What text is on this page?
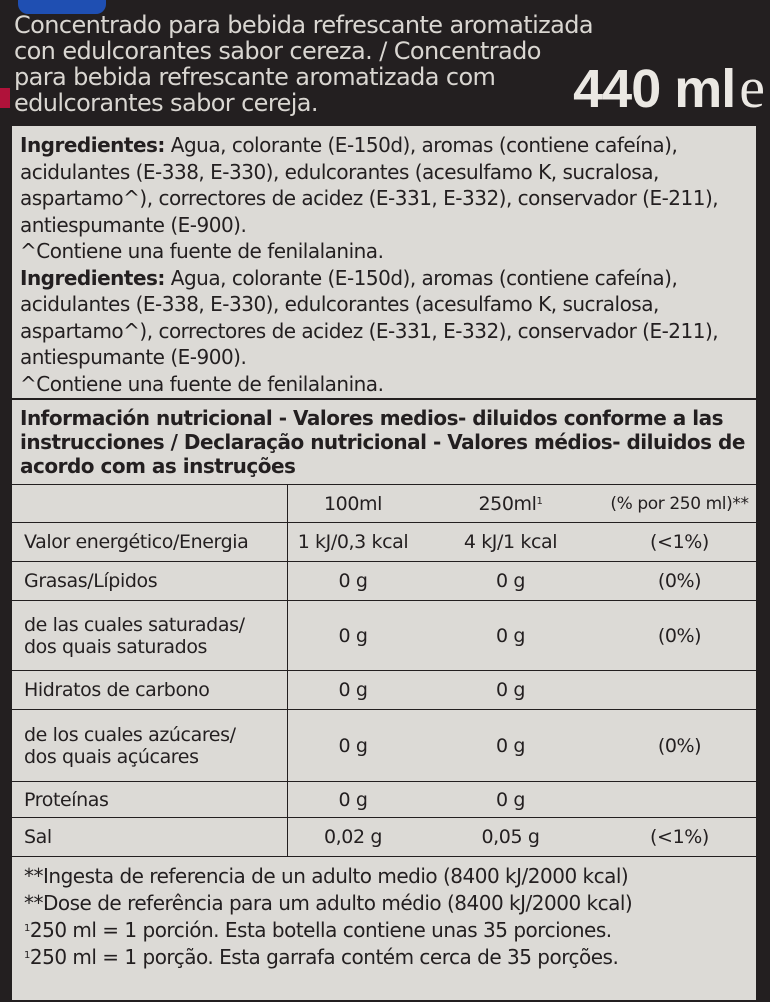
Concentrado para bebida refrescante aromatizada con edulcorantes sabor cereza. / Concentrado para bebida refrescante aromatizada com edulcorantes sabor cereja.	440 mle

Ingredientes: Agua, colorante (E-150d), aromas (contiene cafeína), acidulantes (E-338, E-330), edulcorantes (acesulfamo K, sucralosa, aspartamo^), correctores de acidez (E-331, E-332), conservador (E-211), antiespumante (E-900).

^Contiene una fuente de fenilalanina.

Ingredientes: Agua, colorante (E-150d), aromas (contiene cafeína), acidulantes (E-338, E-330), edulcorantes (acesulfamo K, sucralosa, aspartamo^), correctores de acidez (E-331, E-332), conservador (E-211), antiespumante (E-900).

^Contiene una fuente de fenilalanina.

Información nutricional - Valores medios- diluidos conforme a las instrucciones / Declaração nutricional - Valores médios- diluidos de acordo com as instruções
	100ml	$250ml^1$	(% por 250 ml)**
Valor energético/Energia	1 kJ/0,3 kcal	4 kJ/1 kcal	(<1%)
Grasas/Lípidos	0 g	0 g	(0%)

de las cuales saturadas/
dos quais saturados	0 g	0 g	(0%)
Hidratos de carbono	0 g	0 g	

de los cuales azúcares/
dos quais açúcares	0 g	0 g	(0%)
Proteínas	0 g	0 g	
Sal	0,02 g	0,05 g	(<1%)

**Ingesta de referencia de un adulto medio (8400 kJ/2000 kcal)

**Dose de referência para um adulto médio (8400 kJ/2000 kcal)

$^1$250 ml = 1 porción. Esta botella contiene unas 35 porciones.

$^1$250 ml = 1 porção. Esta garrafa contém cerca de 35 porções.
